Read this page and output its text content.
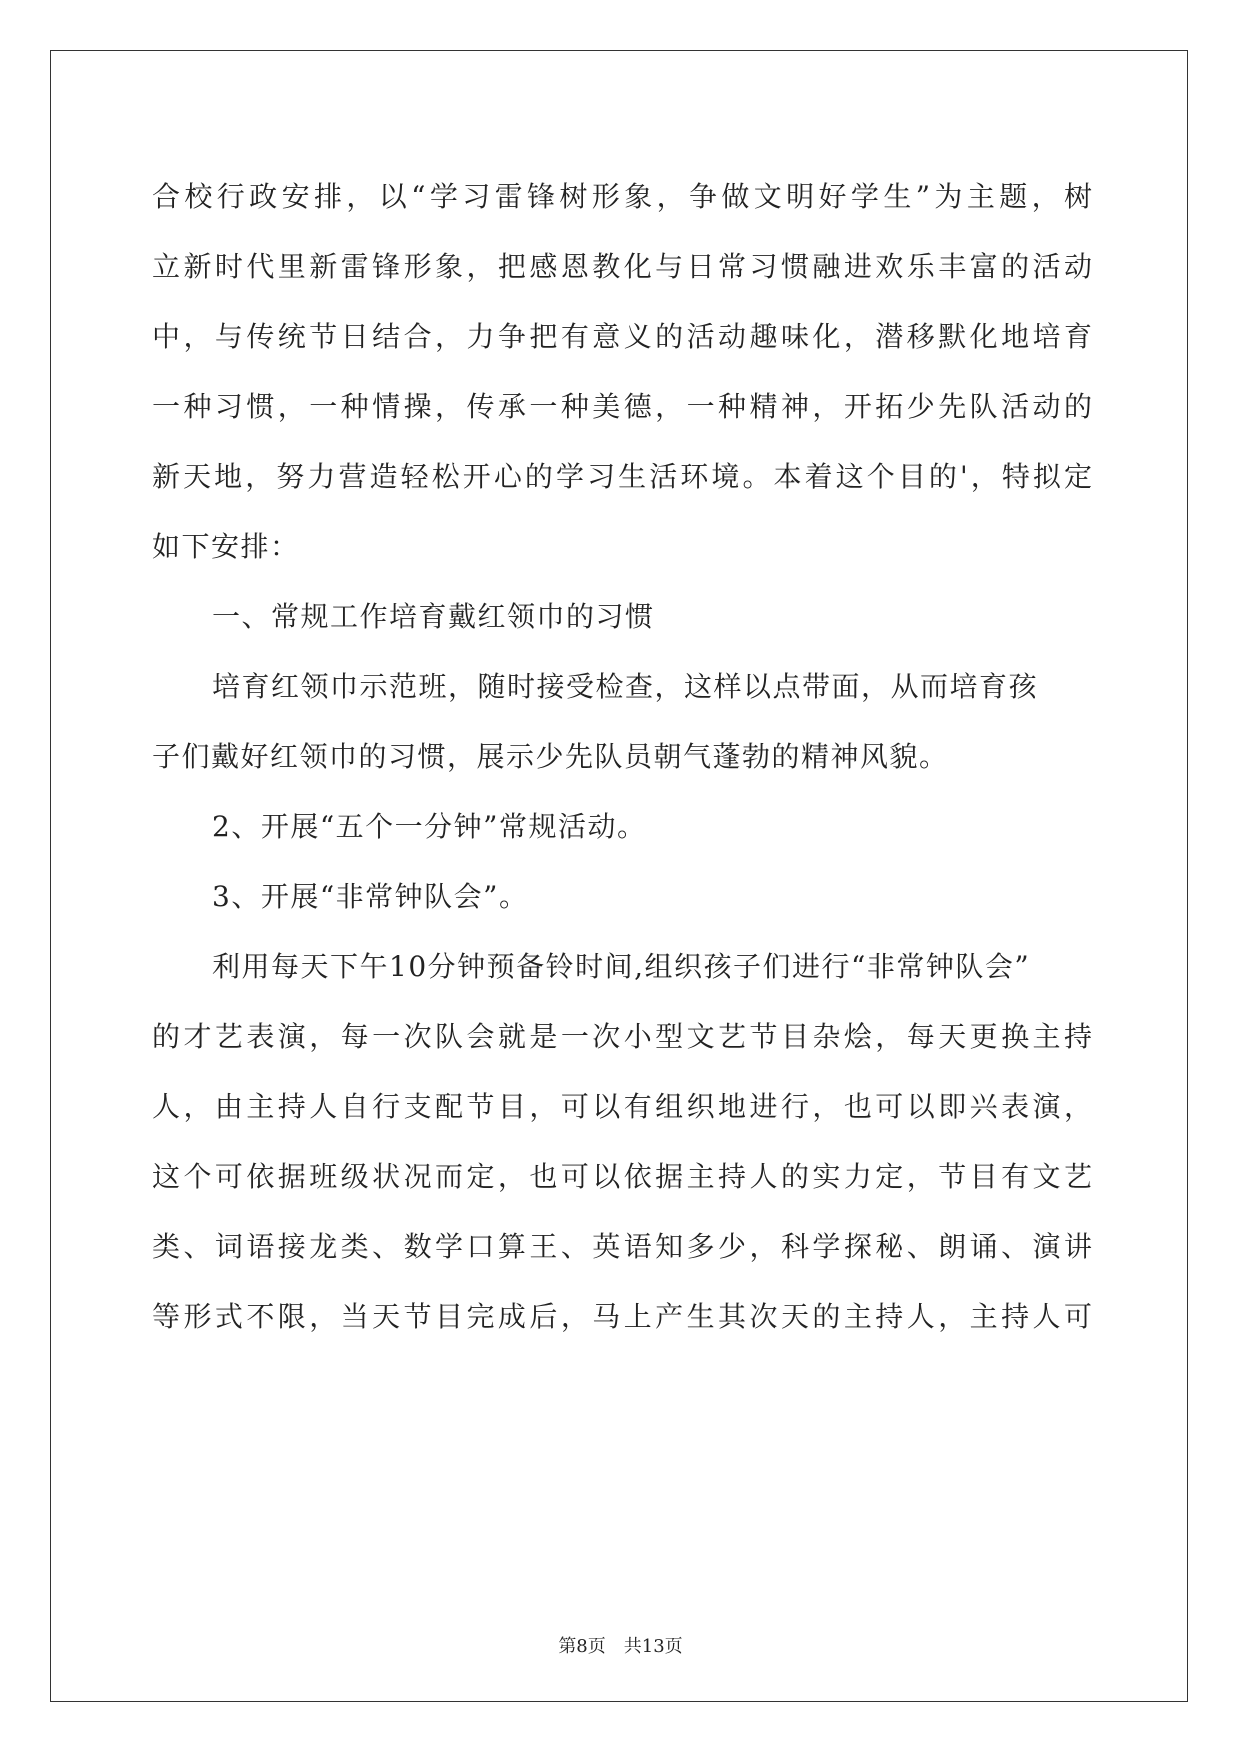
合校行政安排，以“学习雷锋树形象，争做文明好学生”为主题，树
立新时代里新雷锋形象，把感恩教化与日常习惯融进欢乐丰富的活动
中，与传统节日结合，力争把有意义的活动趣味化，潜移默化地培育
一种习惯，一种情操，传承一种美德，一种精神，开拓少先队活动的
新天地，努力营造轻松开心的学习生活环境。本着这个目的'，特拟定
如下安排：
一、常规工作培育戴红领巾的习惯
培育红领巾示范班，随时接受检查，这样以点带面，从而培育孩
子们戴好红领巾的习惯，展示少先队员朝气蓬勃的精神风貌。
2、开展“五个一分钟”常规活动。
3、开展“非常钟队会”。
利用每天下午10分钟预备铃时间,组织孩子们进行“非常钟队会”
的才艺表演，每一次队会就是一次小型文艺节目杂烩，每天更换主持
人，由主持人自行支配节目，可以有组织地进行，也可以即兴表演，
这个可依据班级状况而定，也可以依据主持人的实力定，节目有文艺
类、词语接龙类、数学口算王、英语知多少，科学探秘、朗诵、演讲
等形式不限，当天节目完成后，马上产生其次天的主持人，主持人可
第8页　共13页
